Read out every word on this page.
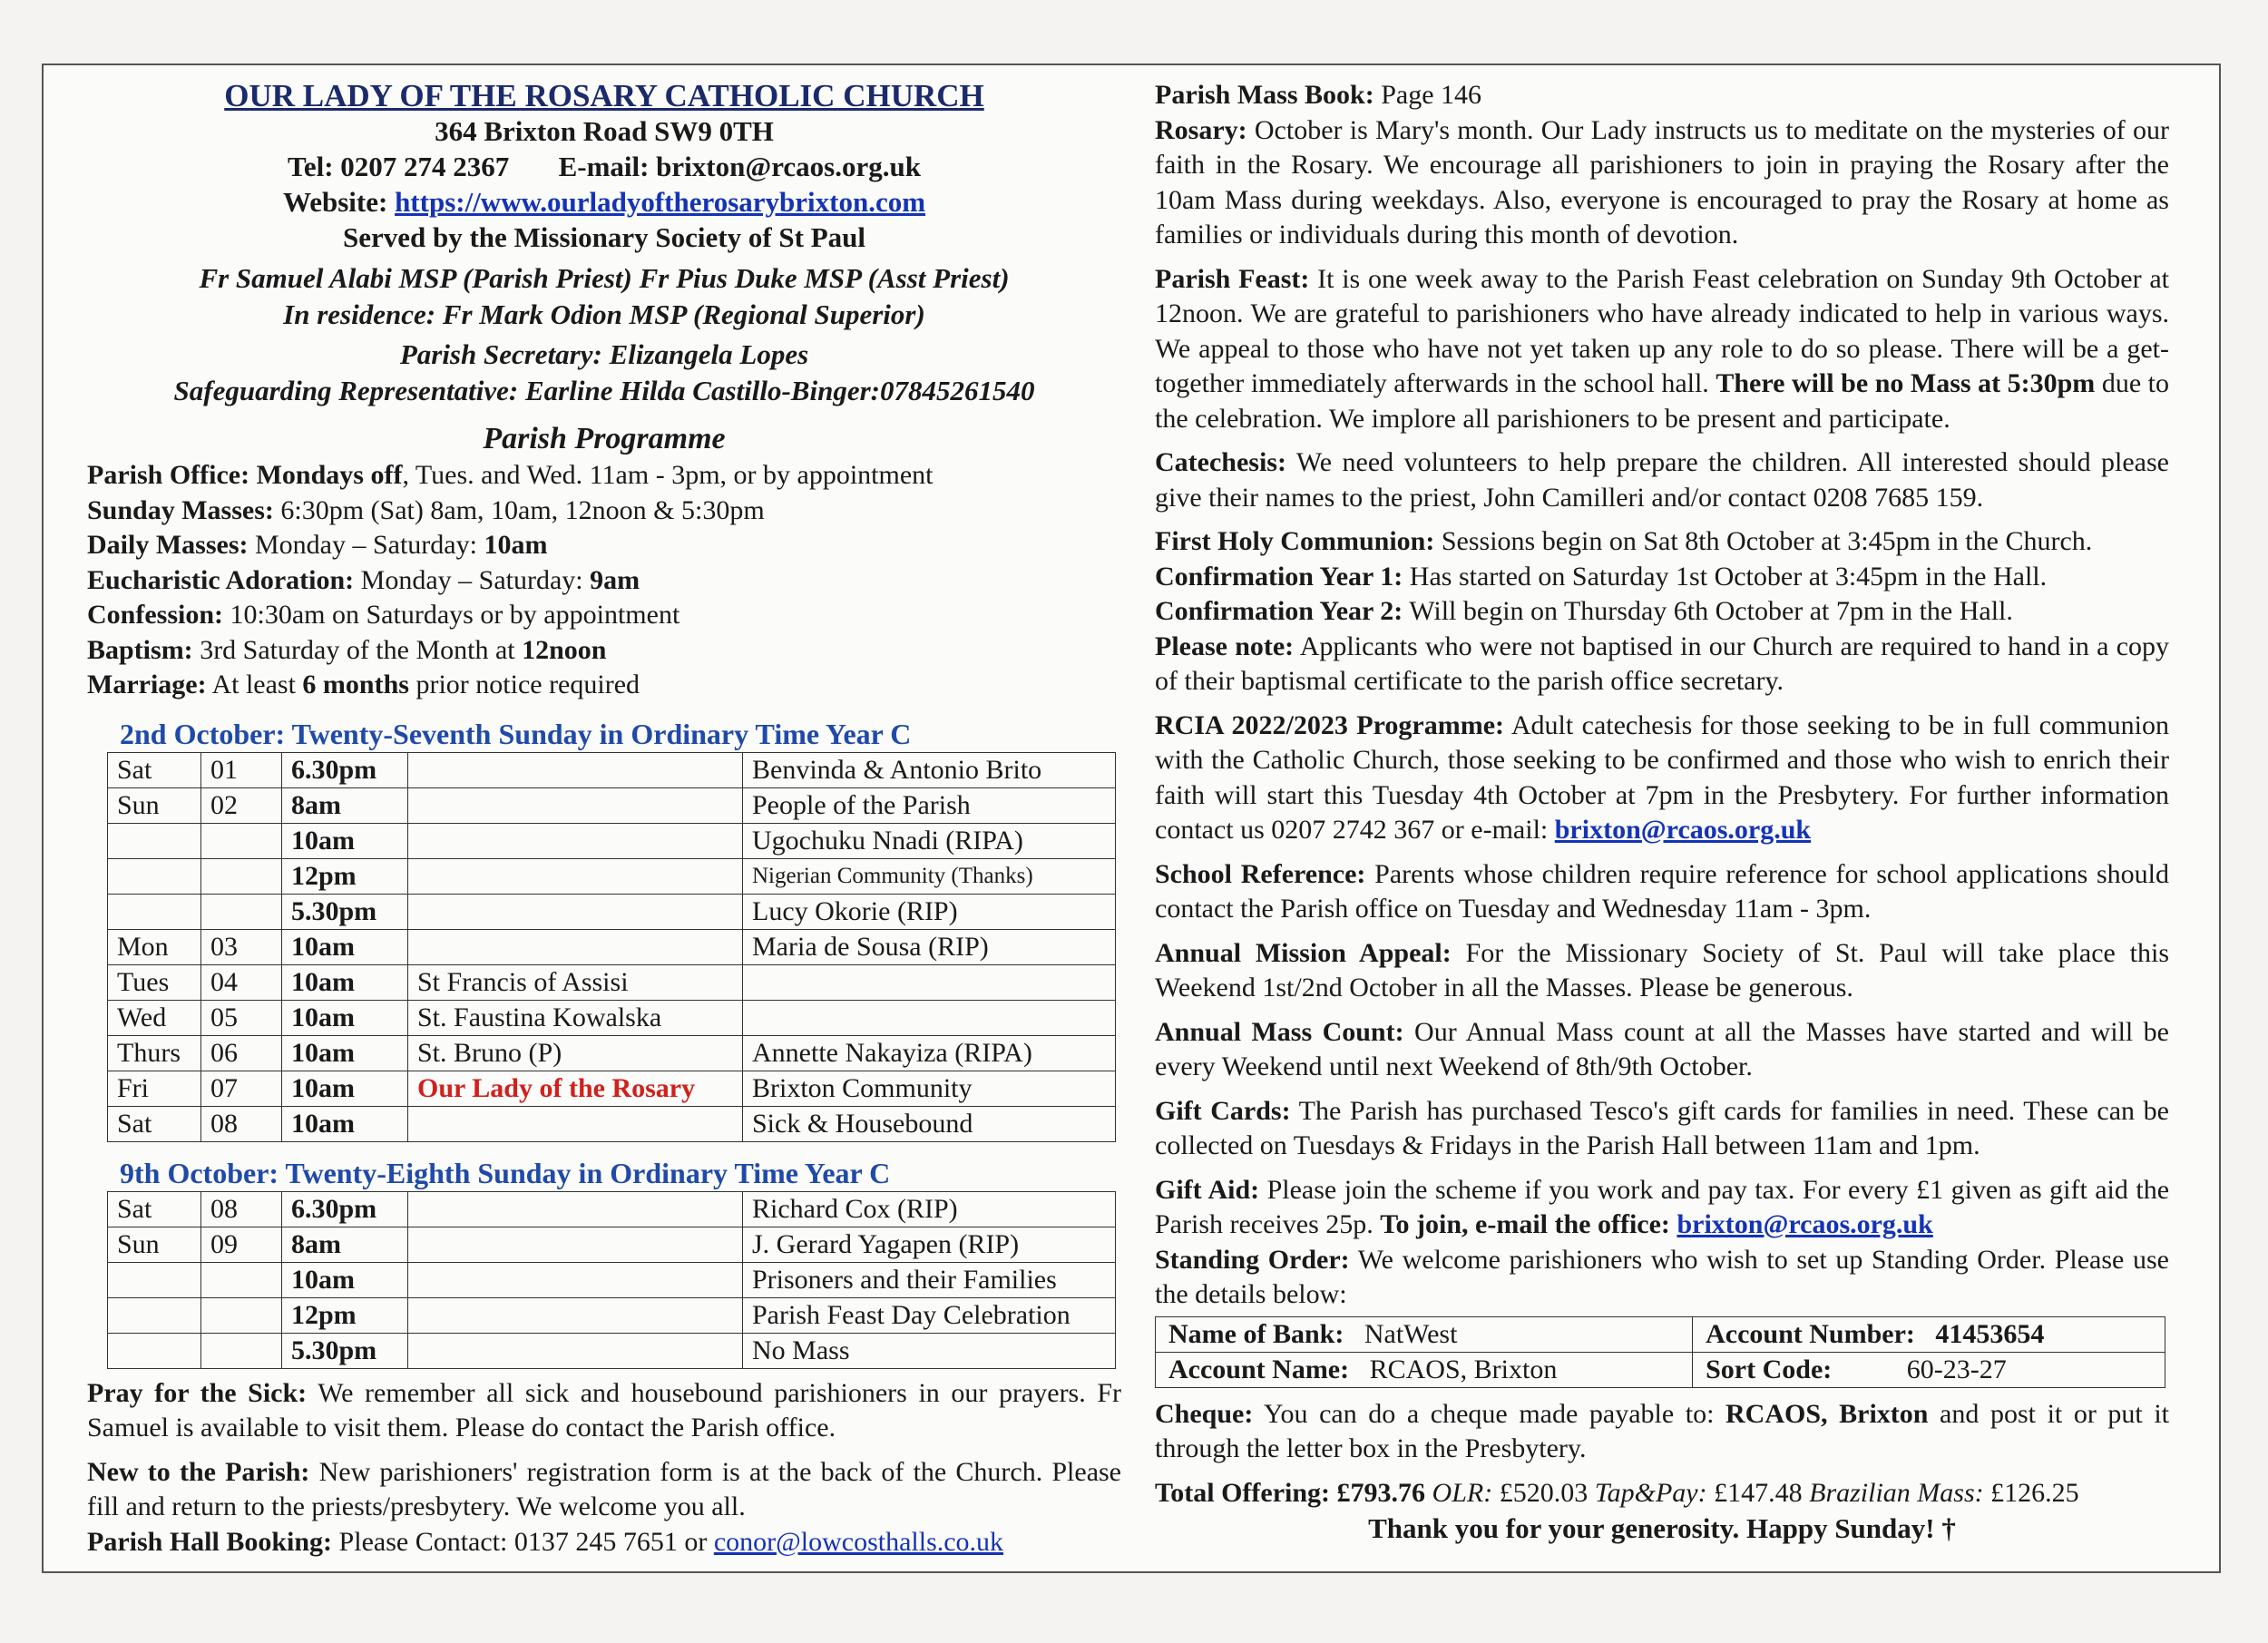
OUR LADY OF THE ROSARY CATHOLIC CHURCH

364 Brixton Road SW9 0TH

Tel: 0207 274 2367 E-mail: brixton@rcaos.org.uk

Website: https://www.ourladyoftherosarybrixton.com

Served by the Missionary Society of St Paul

Fr Samuel Alabi MSP (Parish Priest) Fr Pius Duke MSP (Asst Priest)

In residence: Fr Mark Odion MSP (Regional Superior)

Parish Secretary: Elizangela Lopes

Safeguarding Representative: Earline Hilda Castillo-Binger:07845261540

Parish Programme

Parish Office: Mondays off, Tues. and Wed. 11am - 3pm, or by appointment

Sunday Masses: 6:30pm (Sat) 8am, 10am, 12noon & 5:30pm

Daily Masses: Monday – Saturday: 10am

Eucharistic Adoration: Monday – Saturday: 9am

Confession: 10:30am on Saturdays or by appointment

Baptism: 3rd Saturday of the Month at 12noon

Marriage: At least 6 months prior notice required

2nd October: Twenty-Seventh Sunday in Ordinary Time Year C

Sat	01	6.30pm		Benvinda & Antonio Brito
Sun	02	8am		People of the Parish
		10am		Ugochuku Nnadi (RIPA)
		12pm		Nigerian Community (Thanks)
		5.30pm		Lucy Okorie (RIP)
Mon	03	10am		Maria de Sousa (RIP)
Tues	04	10am	St Francis of Assisi	
Wed	05	10am	St. Faustina Kowalska	
Thurs	06	10am	St. Bruno (P)	Annette Nakayiza (RIPA)
Fri	07	10am	Our Lady of the Rosary	Brixton Community
Sat	08	10am		Sick & Housebound

9th October: Twenty-Eighth Sunday in Ordinary Time Year C

Sat	08	6.30pm		Richard Cox (RIP)
Sun	09	8am		J. Gerard Yagapen (RIP)
		10am		Prisoners and their Families
		12pm		Parish Feast Day Celebration
		5.30pm		No Mass

Pray for the Sick: We remember all sick and housebound parishioners in our prayers. Fr Samuel is available to visit them. Please do contact the Parish office.

New to the Parish: New parishioners' registration form is at the back of the Church. Please fill and return to the priests/presbytery. We welcome you all.

Parish Hall Booking: Please Contact: 0137 245 7651 or conor@lowcosthalls.co.uk

Parish Mass Book: Page 146

Rosary: October is Mary's month. Our Lady instructs us to meditate on the mysteries of our faith in the Rosary. We encourage all parishioners to join in praying the Rosary after the 10am Mass during weekdays. Also, everyone is encouraged to pray the Rosary at home as families or individuals during this month of devotion.

Parish Feast: It is one week away to the Parish Feast celebration on Sunday 9th October at 12noon. We are grateful to parishioners who have already indicated to help in various ways. We appeal to those who have not yet taken up any role to do so please. There will be a get-together immediately afterwards in the school hall. There will be no Mass at 5:30pm due to the celebration. We implore all parishioners to be present and participate.

Catechesis: We need volunteers to help prepare the children. All interested should please give their names to the priest, John Camilleri and/or contact 0208 7685 159.

First Holy Communion: Sessions begin on Sat 8th October at 3:45pm in the Church.

Confirmation Year 1: Has started on Saturday 1st October at 3:45pm in the Hall.

Confirmation Year 2: Will begin on Thursday 6th October at 7pm in the Hall.

Please note: Applicants who were not baptised in our Church are required to hand in a copy of their baptismal certificate to the parish office secretary.

RCIA 2022/2023 Programme: Adult catechesis for those seeking to be in full communion with the Catholic Church, those seeking to be confirmed and those who wish to enrich their faith will start this Tuesday 4th October at 7pm in the Presbytery. For further information contact us 0207 2742 367 or e-mail: brixton@rcaos.org.uk

School Reference: Parents whose children require reference for school applications should contact the Parish office on Tuesday and Wednesday 11am - 3pm.

Annual Mission Appeal: For the Missionary Society of St. Paul will take place this Weekend 1st/2nd October in all the Masses. Please be generous.

Annual Mass Count: Our Annual Mass count at all the Masses have started and will be every Weekend until next Weekend of 8th/9th October.

Gift Cards: The Parish has purchased Tesco's gift cards for families in need. These can be collected on Tuesdays & Fridays in the Parish Hall between 11am and 1pm.

Gift Aid: Please join the scheme if you work and pay tax. For every £1 given as gift aid the Parish receives 25p. To join, e-mail the office: brixton@rcaos.org.uk

Standing Order: We welcome parishioners who wish to set up Standing Order. Please use the details below:

Name of Bank: NatWest	Account Number: 41453654
Account Name: RCAOS, Brixton	Sort Code: 60-23-27

Cheque: You can do a cheque made payable to: RCAOS, Brixton and post it or put it through the letter box in the Presbytery.

Total Offering: £793.76 OLR: £520.03 Tap&Pay: £147.48 Brazilian Mass: £126.25

Thank you for your generosity. Happy Sunday! †
